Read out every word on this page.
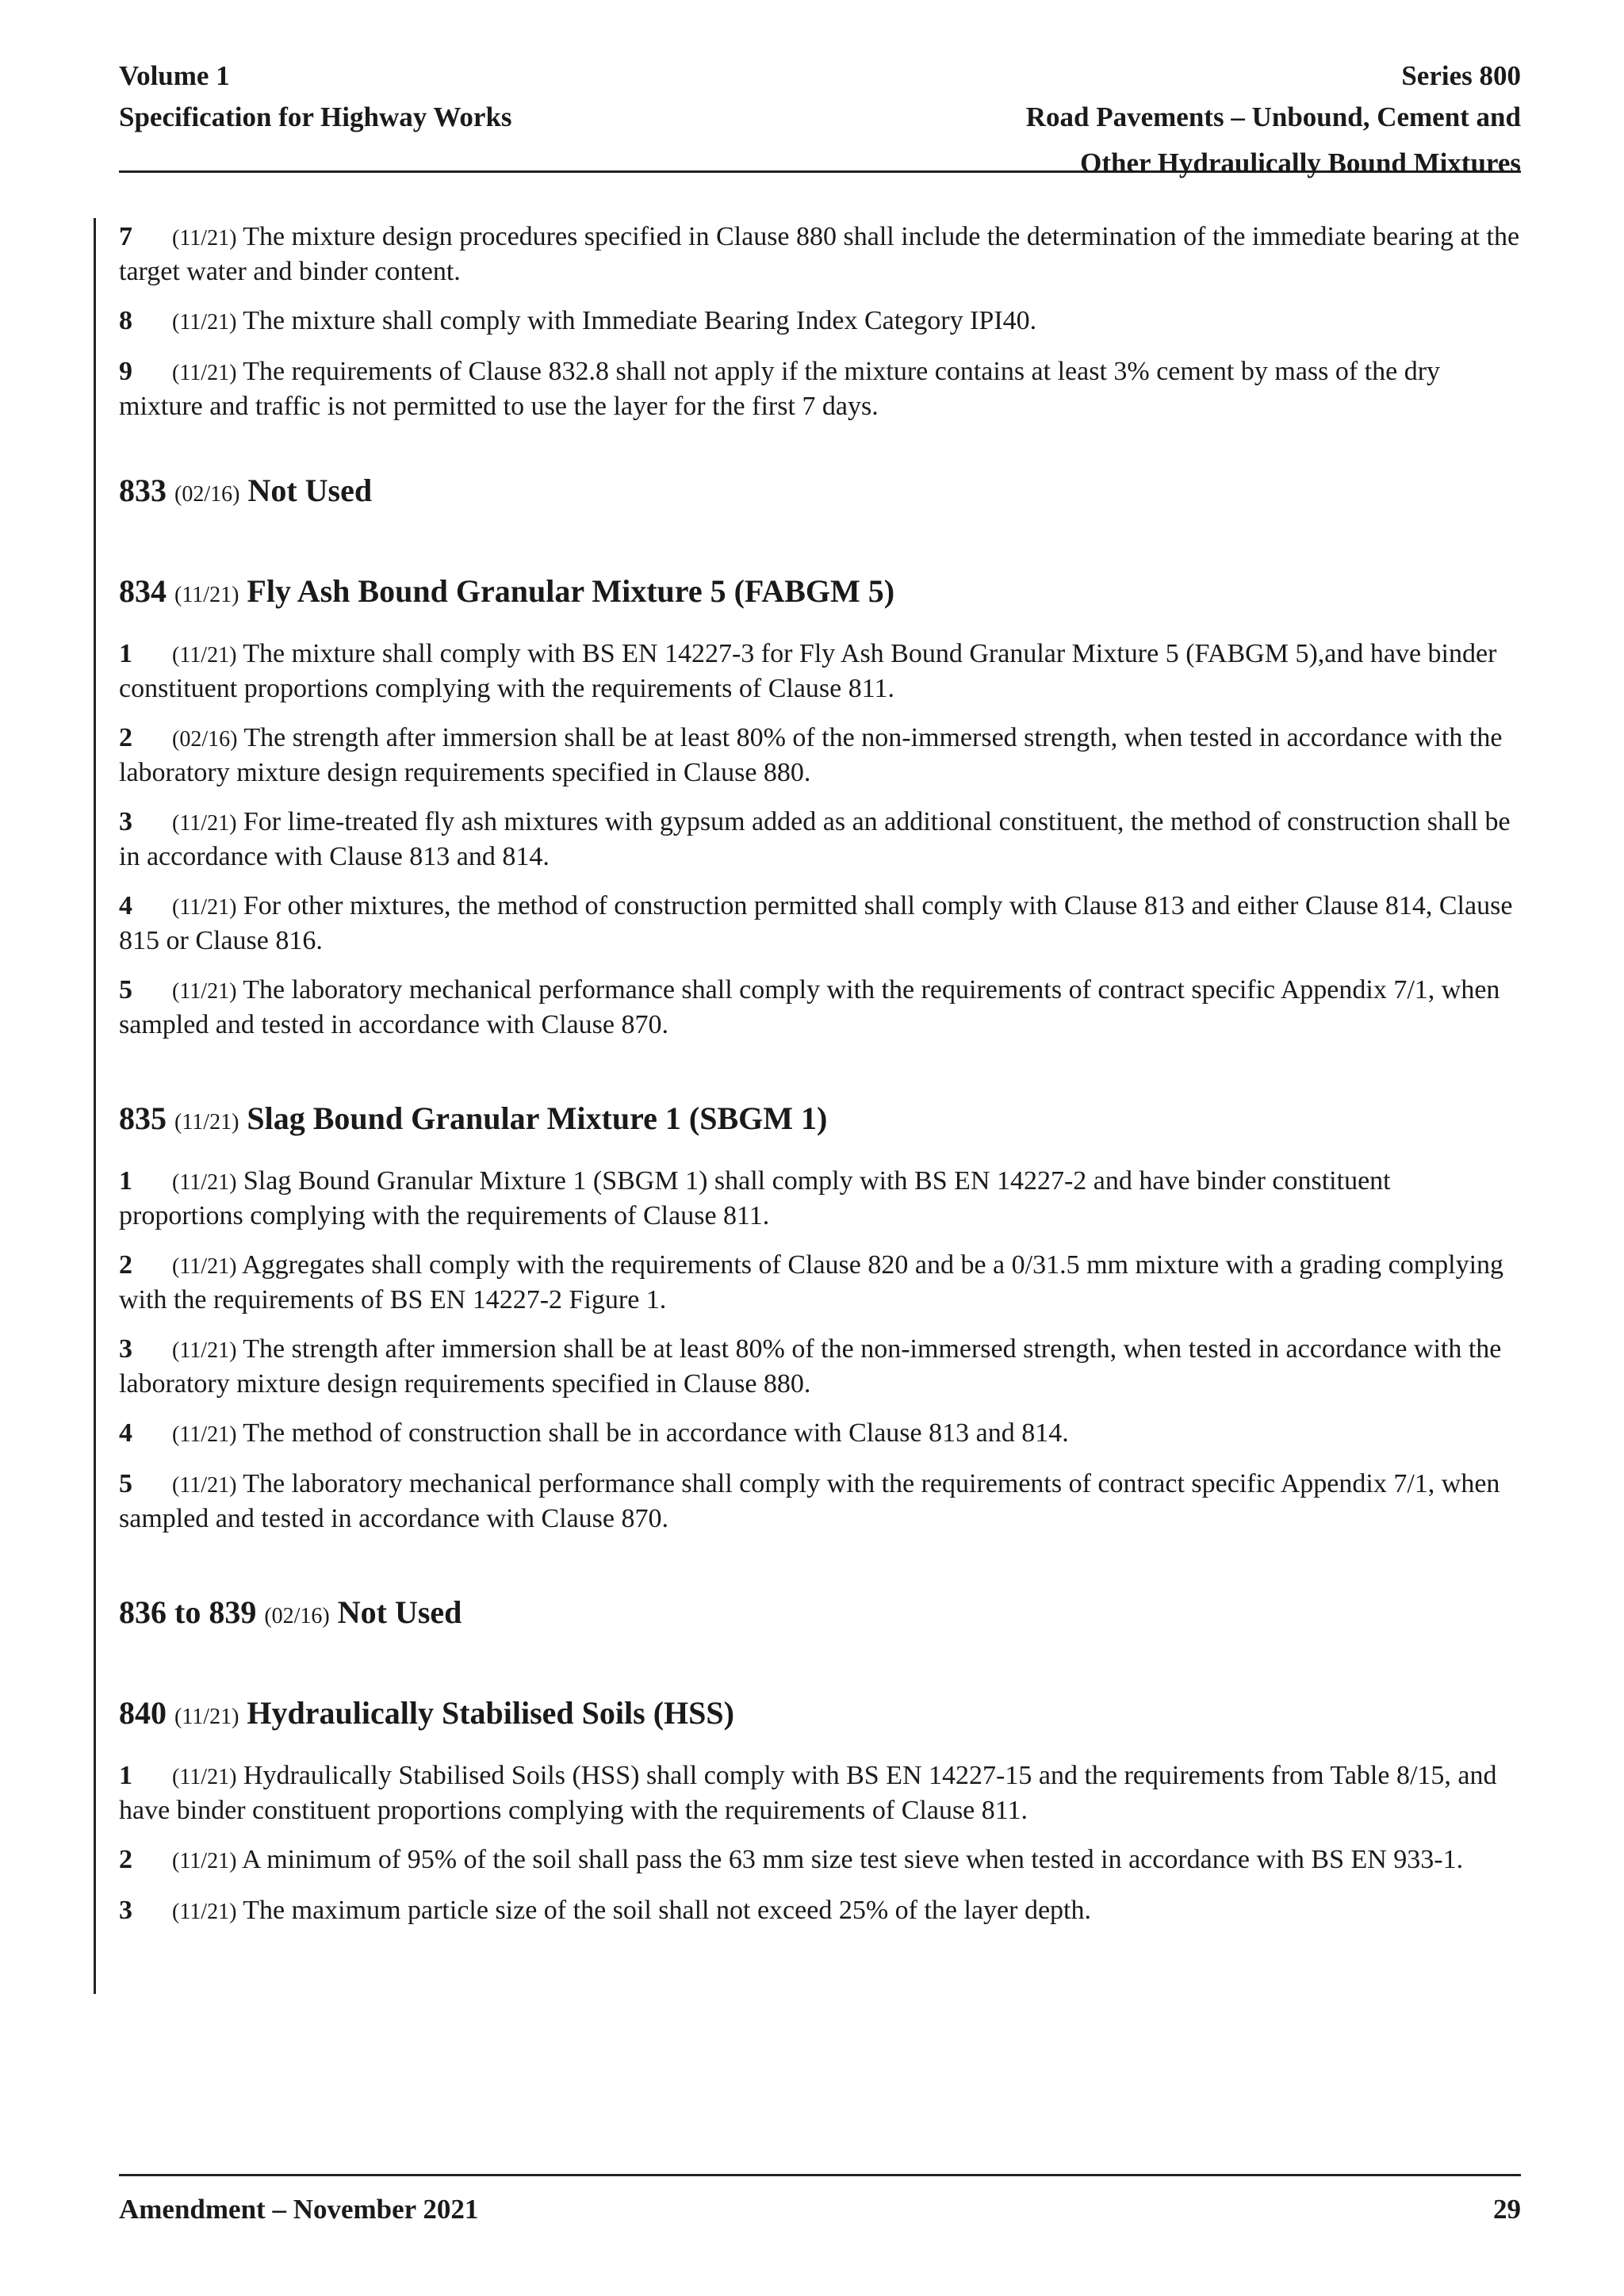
Volume 1
Specification for Highway Works
Series 800
Road Pavements – Unbound, Cement and
Other Hydraulically Bound Mixtures

7 (11/21) The mixture design procedures specified in Clause 880 shall include the determination of the immediate bearing at the target water and binder content.

8 (11/21) The mixture shall comply with Immediate Bearing Index Category IPI40.

9 (11/21) The requirements of Clause 832.8 shall not apply if the mixture contains at least 3% cement by mass of the dry mixture and traffic is not permitted to use the layer for the first 7 days.

833 (02/16) Not Used
834 (11/21) Fly Ash Bound Granular Mixture 5 (FABGM 5)

1 (11/21) The mixture shall comply with BS EN 14227-3 for Fly Ash Bound Granular Mixture 5 (FABGM 5),and have binder constituent proportions complying with the requirements of Clause 811.

2 (02/16) The strength after immersion shall be at least 80% of the non-immersed strength, when tested in accordance with the laboratory mixture design requirements specified in Clause 880.

3 (11/21) For lime-treated fly ash mixtures with gypsum added as an additional constituent, the method of construction shall be in accordance with Clause 813 and 814.

4 (11/21) For other mixtures, the method of construction permitted shall comply with Clause 813 and either Clause 814, Clause 815 or Clause 816.

5 (11/21) The laboratory mechanical performance shall comply with the requirements of contract specific Appendix 7/1, when sampled and tested in accordance with Clause 870.

835 (11/21) Slag Bound Granular Mixture 1 (SBGM 1)

1 (11/21) Slag Bound Granular Mixture 1 (SBGM 1) shall comply with BS EN 14227-2 and have binder constituent proportions complying with the requirements of Clause 811.

2 (11/21) Aggregates shall comply with the requirements of Clause 820 and be a 0/31.5 mm mixture with a grading complying with the requirements of BS EN 14227-2 Figure 1.

3 (11/21) The strength after immersion shall be at least 80% of the non-immersed strength, when tested in accordance with the laboratory mixture design requirements specified in Clause 880.

4 (11/21) The method of construction shall be in accordance with Clause 813 and 814.

5 (11/21) The laboratory mechanical performance shall comply with the requirements of contract specific Appendix 7/1, when sampled and tested in accordance with Clause 870.

836 to 839 (02/16) Not Used
840 (11/21) Hydraulically Stabilised Soils (HSS)

1 (11/21) Hydraulically Stabilised Soils (HSS) shall comply with BS EN 14227-15 and the requirements from Table 8/15, and have binder constituent proportions complying with the requirements of Clause 811.

2 (11/21) A minimum of 95% of the soil shall pass the 63 mm size test sieve when tested in accordance with BS EN 933-1.

3 (11/21) The maximum particle size of the soil shall not exceed 25% of the layer depth.

Amendment – November 2021	29
